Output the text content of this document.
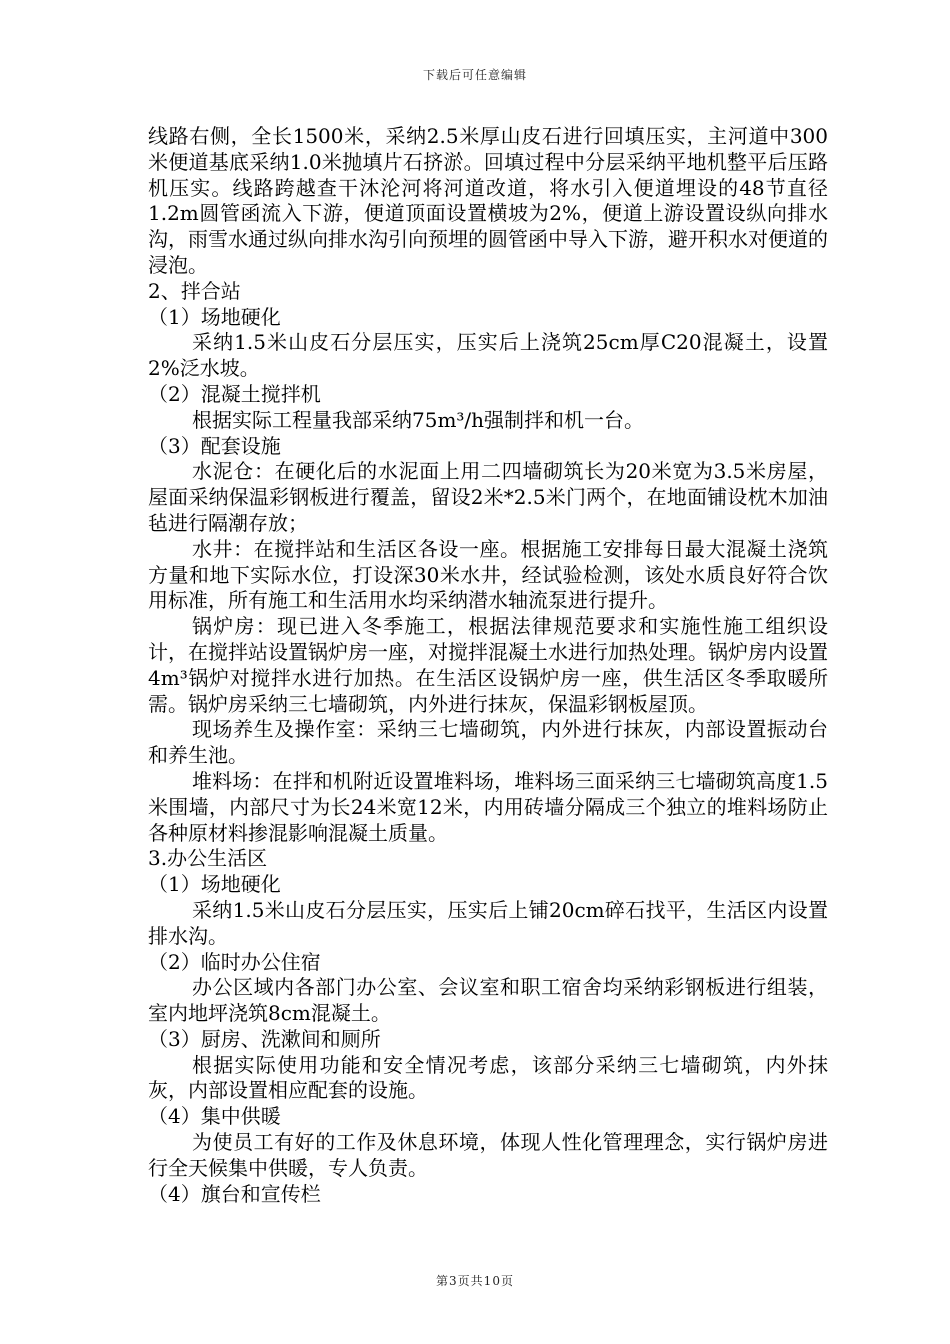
下载后可任意编辑

线路右侧，全长1500米，采纳2.5米厚山皮石进行回填压实，主河道中300米便道基底采纳1.0米抛填片石挤淤。回填过程中分层采纳平地机整平后压路机压实。线路跨越查干沐沦河将河道改道，将水引入便道埋设的48节直径1.2m圆管函流入下游，便道顶面设置横坡为2%，便道上游设置设纵向排水沟，雨雪水通过纵向排水沟引向预埋的圆管函中导入下游，避开积水对便道的浸泡。

2、拌合站

（1）场地硬化

采纳1.5米山皮石分层压实，压实后上浇筑25cm厚C20混凝土，设置2%泛水坡。

（2）混凝土搅拌机

根据实际工程量我部采纳75m³/h强制拌和机一台。

（3）配套设施

水泥仓：在硬化后的水泥面上用二四墙砌筑长为20米宽为3.5米房屋，屋面采纳保温彩钢板进行覆盖，留设2米*2.5米门两个，在地面铺设枕木加油毡进行隔潮存放；

水井：在搅拌站和生活区各设一座。根据施工安排每日最大混凝土浇筑方量和地下实际水位，打设深30米水井，经试验检测，该处水质良好符合饮用标准，所有施工和生活用水均采纳潜水轴流泵进行提升。

锅炉房：现已进入冬季施工，根据法律规范要求和实施性施工组织设计，在搅拌站设置锅炉房一座，对搅拌混凝土水进行加热处理。锅炉房内设置4m³锅炉对搅拌水进行加热。在生活区设锅炉房一座，供生活区冬季取暖所需。锅炉房采纳三七墙砌筑，内外进行抹灰，保温彩钢板屋顶。

现场养生及操作室：采纳三七墙砌筑，内外进行抹灰，内部设置振动台和养生池。

堆料场：在拌和机附近设置堆料场，堆料场三面采纳三七墙砌筑高度1.5米围墙，内部尺寸为长24米宽12米，内用砖墙分隔成三个独立的堆料场防止各种原材料掺混影响混凝土质量。

3.办公生活区

（1）场地硬化

采纳1.5米山皮石分层压实，压实后上铺20cm碎石找平，生活区内设置排水沟。

（2）临时办公住宿

办公区域内各部门办公室、会议室和职工宿舍均采纳彩钢板进行组装，室内地坪浇筑8cm混凝土。

（3）厨房、洗漱间和厕所

根据实际使用功能和安全情况考虑，该部分采纳三七墙砌筑，内外抹灰，内部设置相应配套的设施。

（4）集中供暖

为使员工有好的工作及休息环境，体现人性化管理理念，实行锅炉房进行全天候集中供暖，专人负责。

（4）旗台和宣传栏

第3页共10页
